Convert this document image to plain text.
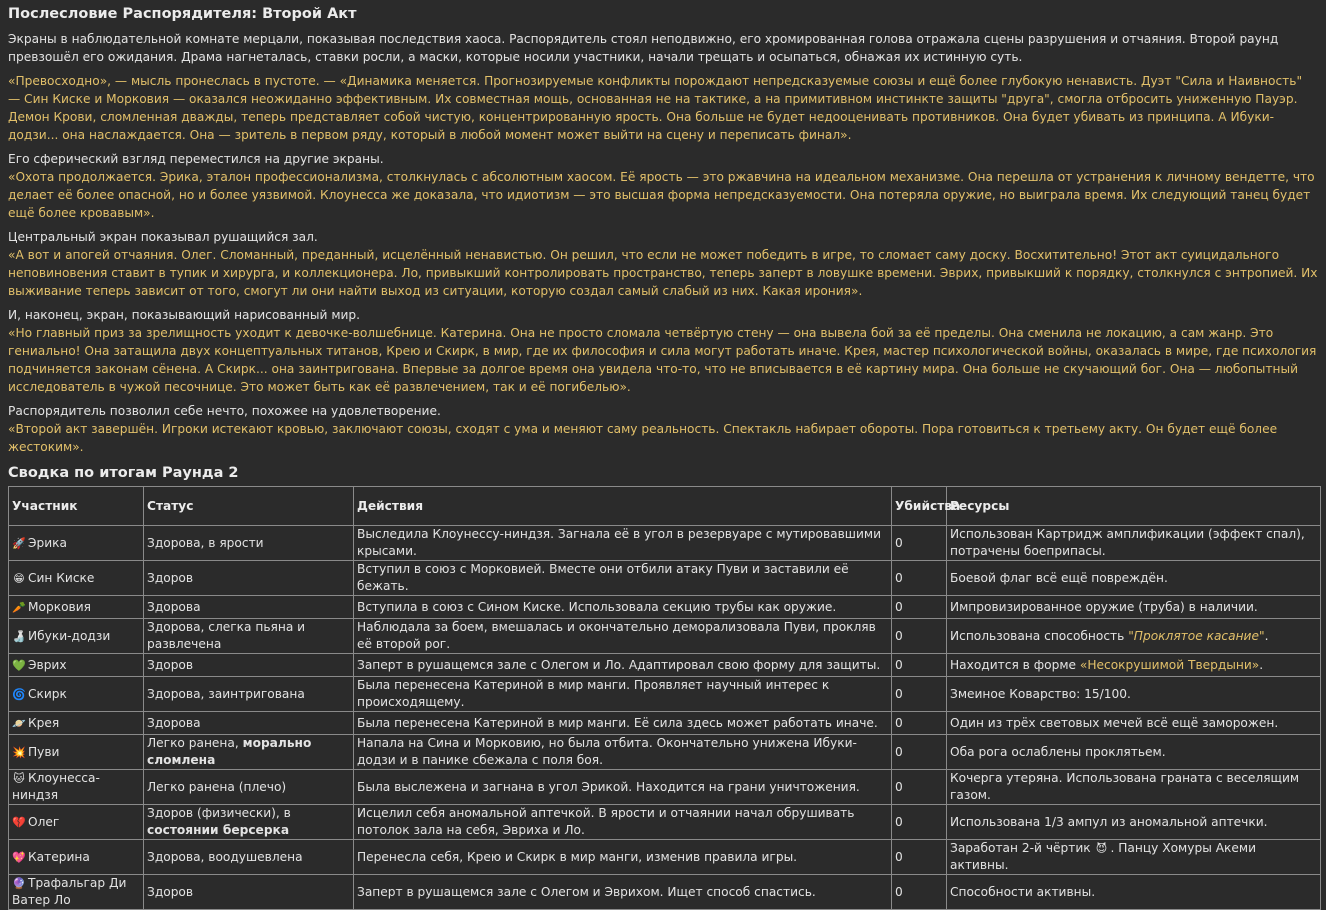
Послесловие Распорядителя: Второй Акт

Экраны в наблюдательной комнате мерцали, показывая последствия хаоса. Распорядитель стоял неподвижно, его хромированная голова отражала сцены разрушения и отчаяния. Второй раунд превзошёл его ожидания. Драма нагнеталась, ставки росли, а маски, которые носили участники, начали трещать и осыпаться, обнажая их истинную суть.

«Превосходно», — мысль пронеслась в пустоте. — «Динамика меняется. Прогнозируемые конфликты порождают непредсказуемые союзы и ещё более глубокую ненависть. Дуэт "Сила и Наивность" — Син Киске и Морковия — оказался неожиданно эффективным. Их совместная мощь, основанная не на тактике, а на примитивном инстинкте защиты "друга", смогла отбросить униженную Пауэр. Демон Крови, сломленная дважды, теперь представляет собой чистую, концентрированную ярость. Она больше не будет недооценивать противников. Она будет убивать из принципа. А Ибуки-додзи... она наслаждается. Она — зритель в первом ряду, который в любой момент может выйти на сцену и переписать финал».

Его сферический взгляд переместился на другие экраны.

«Охота продолжается. Эрика, эталон профессионализма, столкнулась с абсолютным хаосом. Её ярость — это ржавчина на идеальном механизме. Она перешла от устранения к личному вендетте, что делает её более опасной, но и более уязвимой. Клоунесса же доказала, что идиотизм — это высшая форма непредсказуемости. Она потеряла оружие, но выиграла время. Их следующий танец будет ещё более кровавым».

Центральный экран показывал рушащийся зал.

«А вот и апогей отчаяния. Олег. Сломанный, преданный, исцелённый ненавистью. Он решил, что если не может победить в игре, то сломает саму доску. Восхитительно! Этот акт суицидального неповиновения ставит в тупик и хирурга, и коллекционера. Ло, привыкший контролировать пространство, теперь заперт в ловушке времени. Эврих, привыкший к порядку, столкнулся с энтропией. Их выживание теперь зависит от того, смогут ли они найти выход из ситуации, которую создал самый слабый из них. Какая ирония».

И, наконец, экран, показывающий нарисованный мир.

«Но главный приз за зрелищность уходит к девочке-волшебнице. Катерина. Она не просто сломала четвёртую стену — она вывела бой за её пределы. Она сменила не локацию, а сам жанр. Это гениально! Она затащила двух концептуальных титанов, Крею и Скирк, в мир, где их философия и сила могут работать иначе. Крея, мастер психологической войны, оказалась в мире, где психология подчиняется законам сёнена. А Скирк... она заинтригована. Впервые за долгое время она увидела что-то, что не вписывается в её картину мира. Она больше не скучающий бог. Она — любопытный исследователь в чужой песочнице. Это может быть как её развлечением, так и её погибелью».

Распорядитель позволил себе нечто, похожее на удовлетворение.

«Второй акт завершён. Игроки истекают кровью, заключают союзы, сходят с ума и меняют саму реальность. Спектакль набирает обороты. Пора готовиться к третьему акту. Он будет ещё более жестоким».

Сводка по итогам Раунда 2
Участник	Статус	Действия	Убийства	Ресурсы
🚀 Эрика	Здорова, в ярости	Выследила Клоунессу-ниндзя. Загнала её в угол в резервуаре с мутировавшими крысами.	0	Использован Картридж амплификации (эффект спал), потрачены боеприпасы.
😁 Син Киске	Здоров	Вступил в союз с Морковией. Вместе они отбили атаку Пуви и заставили её бежать.	0	Боевой флаг всё ещё повреждён.
🥕 Морковия	Здорова	Вступила в союз с Сином Киске. Использовала секцию трубы как оружие.	0	Импровизированное оружие (труба) в наличии.
🍶 Ибуки-додзи	Здорова, слегка пьяна и развлечена	Наблюдала за боем, вмешалась и окончательно деморализовала Пуви, прокляв её второй рог.	0	Использована способность "Проклятое касание".
💚 Эврих	Здоров	Заперт в рушащемся зале с Олегом и Ло. Адаптировал свою форму для защиты.	0	Находится в форме «Несокрушимой Твердыни».
🌀 Скирк	Здорова, заинтригована	Была перенесена Катериной в мир манги. Проявляет научный интерес к происходящему.	0	Змеиное Коварство: 15/100.
🪐 Крея	Здорова	Была перенесена Катериной в мир манги. Её сила здесь может работать иначе.	0	Один из трёх световых мечей всё ещё заморожен.
💥 Пуви	Легко ранена, морально сломлена	Напала на Сина и Морковию, но была отбита. Окончательно унижена Ибуки-додзи и в панике сбежала с поля боя.	0	Оба рога ослаблены проклятьем.
🐱 Клоунесса-ниндзя	Легко ранена (плечо)	Была выслежена и загнана в угол Эрикой. Находится на грани уничтожения.	0	Кочерга утеряна. Использована граната с веселящим газом.
💔 Олег	Здоров (физически), в состоянии берсерка	Исцелил себя аномальной аптечкой. В ярости и отчаянии начал обрушивать потолок зала на себя, Эвриха и Ло.	0	Использована 1/3 ампул из аномальной аптечки.
💖 Катерина	Здорова, воодушевлена	Перенесла себя, Крею и Скирк в мир манги, изменив правила игры.	0	Заработан 2-й чёртик 😈 . Панцу Хомуры Акеми активны.
🔮 Трафальгар Ди Ватер Ло	Здоров	Заперт в рушащемся зале с Олегом и Эврихом. Ищет способ спастись.	0	Способности активны.
